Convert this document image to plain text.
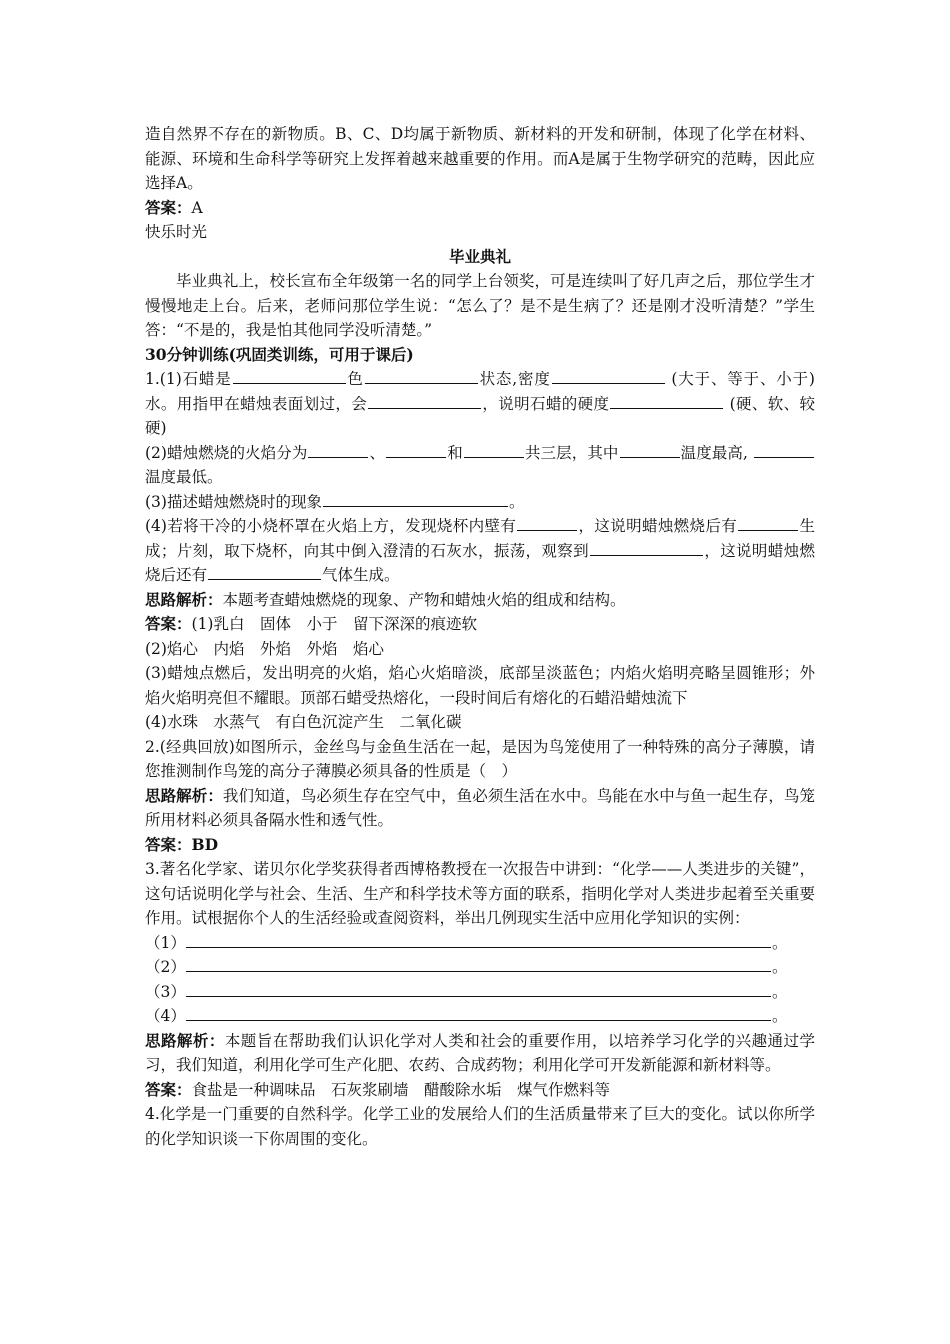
造自然界不存在的新物质。B、C、D均属于新物质、新材料的开发和研制，体现了化学在材料、能源、环境和生命科学等研究上发挥着越来越重要的作用。而A是属于生物学研究的范畴，因此应选择A。

答案：A

快乐时光

毕业典礼

毕业典礼上，校长宣布全年级第一名的同学上台领奖，可是连续叫了好几声之后，那位学生才慢慢地走上台。后来，老师问那位学生说：“怎么了？是不是生病了？还是刚才没听清楚？”学生答：“不是的，我是怕其他同学没听清楚。”

30分钟训练(巩固类训练，可用于课后)

1.(1)石蜡是	色	状态,密度	(大于、等于、小于)水。用指甲在蜡烛表面划过，会	，说明石蜡的硬度	(硬、软、较硬)

(2)蜡烛燃烧的火焰分为	、	和	共三层，其中	温度最高, 温度最低。

(3)描述蜡烛燃烧时的现象	。

(4)若将干冷的小烧杯罩在火焰上方，发现烧杯内壁有	，这说明蜡烛燃烧后有	生成；片刻，取下烧杯，向其中倒入澄清的石灰水，振荡，观察到	，这说明蜡烛燃烧后还有	气体生成。

思路解析：本题考查蜡烛燃烧的现象、产物和蜡烛火焰的组成和结构。

答案：(1)乳白　固体　小于　留下深深的痕迹软

(2)焰心　内焰　外焰　外焰　焰心

(3)蜡烛点燃后，发出明亮的火焰，焰心火焰暗淡，底部呈淡蓝色；内焰火焰明亮略呈圆锥形；外焰火焰明亮但不耀眼。顶部石蜡受热熔化，一段时间后有熔化的石蜡沿蜡烛流下

(4)水珠　水蒸气　有白色沉淀产生　二氧化碳

2.(经典回放)如图所示，金丝鸟与金鱼生活在一起，是因为鸟笼使用了一种特殊的高分子薄膜，请您推测制作鸟笼的高分子薄膜必须具备的性质是（　）

思路解析：我们知道，鸟必须生存在空气中，鱼必须生活在水中。鸟能在水中与鱼一起生存，鸟笼所用材料必须具备隔水性和透气性。

答案：BD

3.著名化学家、诺贝尔化学奖获得者西博格教授在一次报告中讲到：“化学——人类进步的关键”，这句话说明化学与社会、生活、生产和科学技术等方面的联系，指明化学对人类进步起着至关重要作用。试根据你个人的生活经验或查阅资料，举出几例现实生活中应用化学知识的实例：

（1）	。
（2）	。
（3）	。
（4）	。

思路解析：本题旨在帮助我们认识化学对人类和社会的重要作用，以培养学习化学的兴趣通过学习，我们知道，利用化学可生产化肥、农药、合成药物；利用化学可开发新能源和新材料等。

答案：食盐是一种调味品　石灰浆刷墙　醋酸除水垢　煤气作燃料等

4.化学是一门重要的自然科学。化学工业的发展给人们的生活质量带来了巨大的变化。试以你所学的化学知识谈一下你周围的变化。
